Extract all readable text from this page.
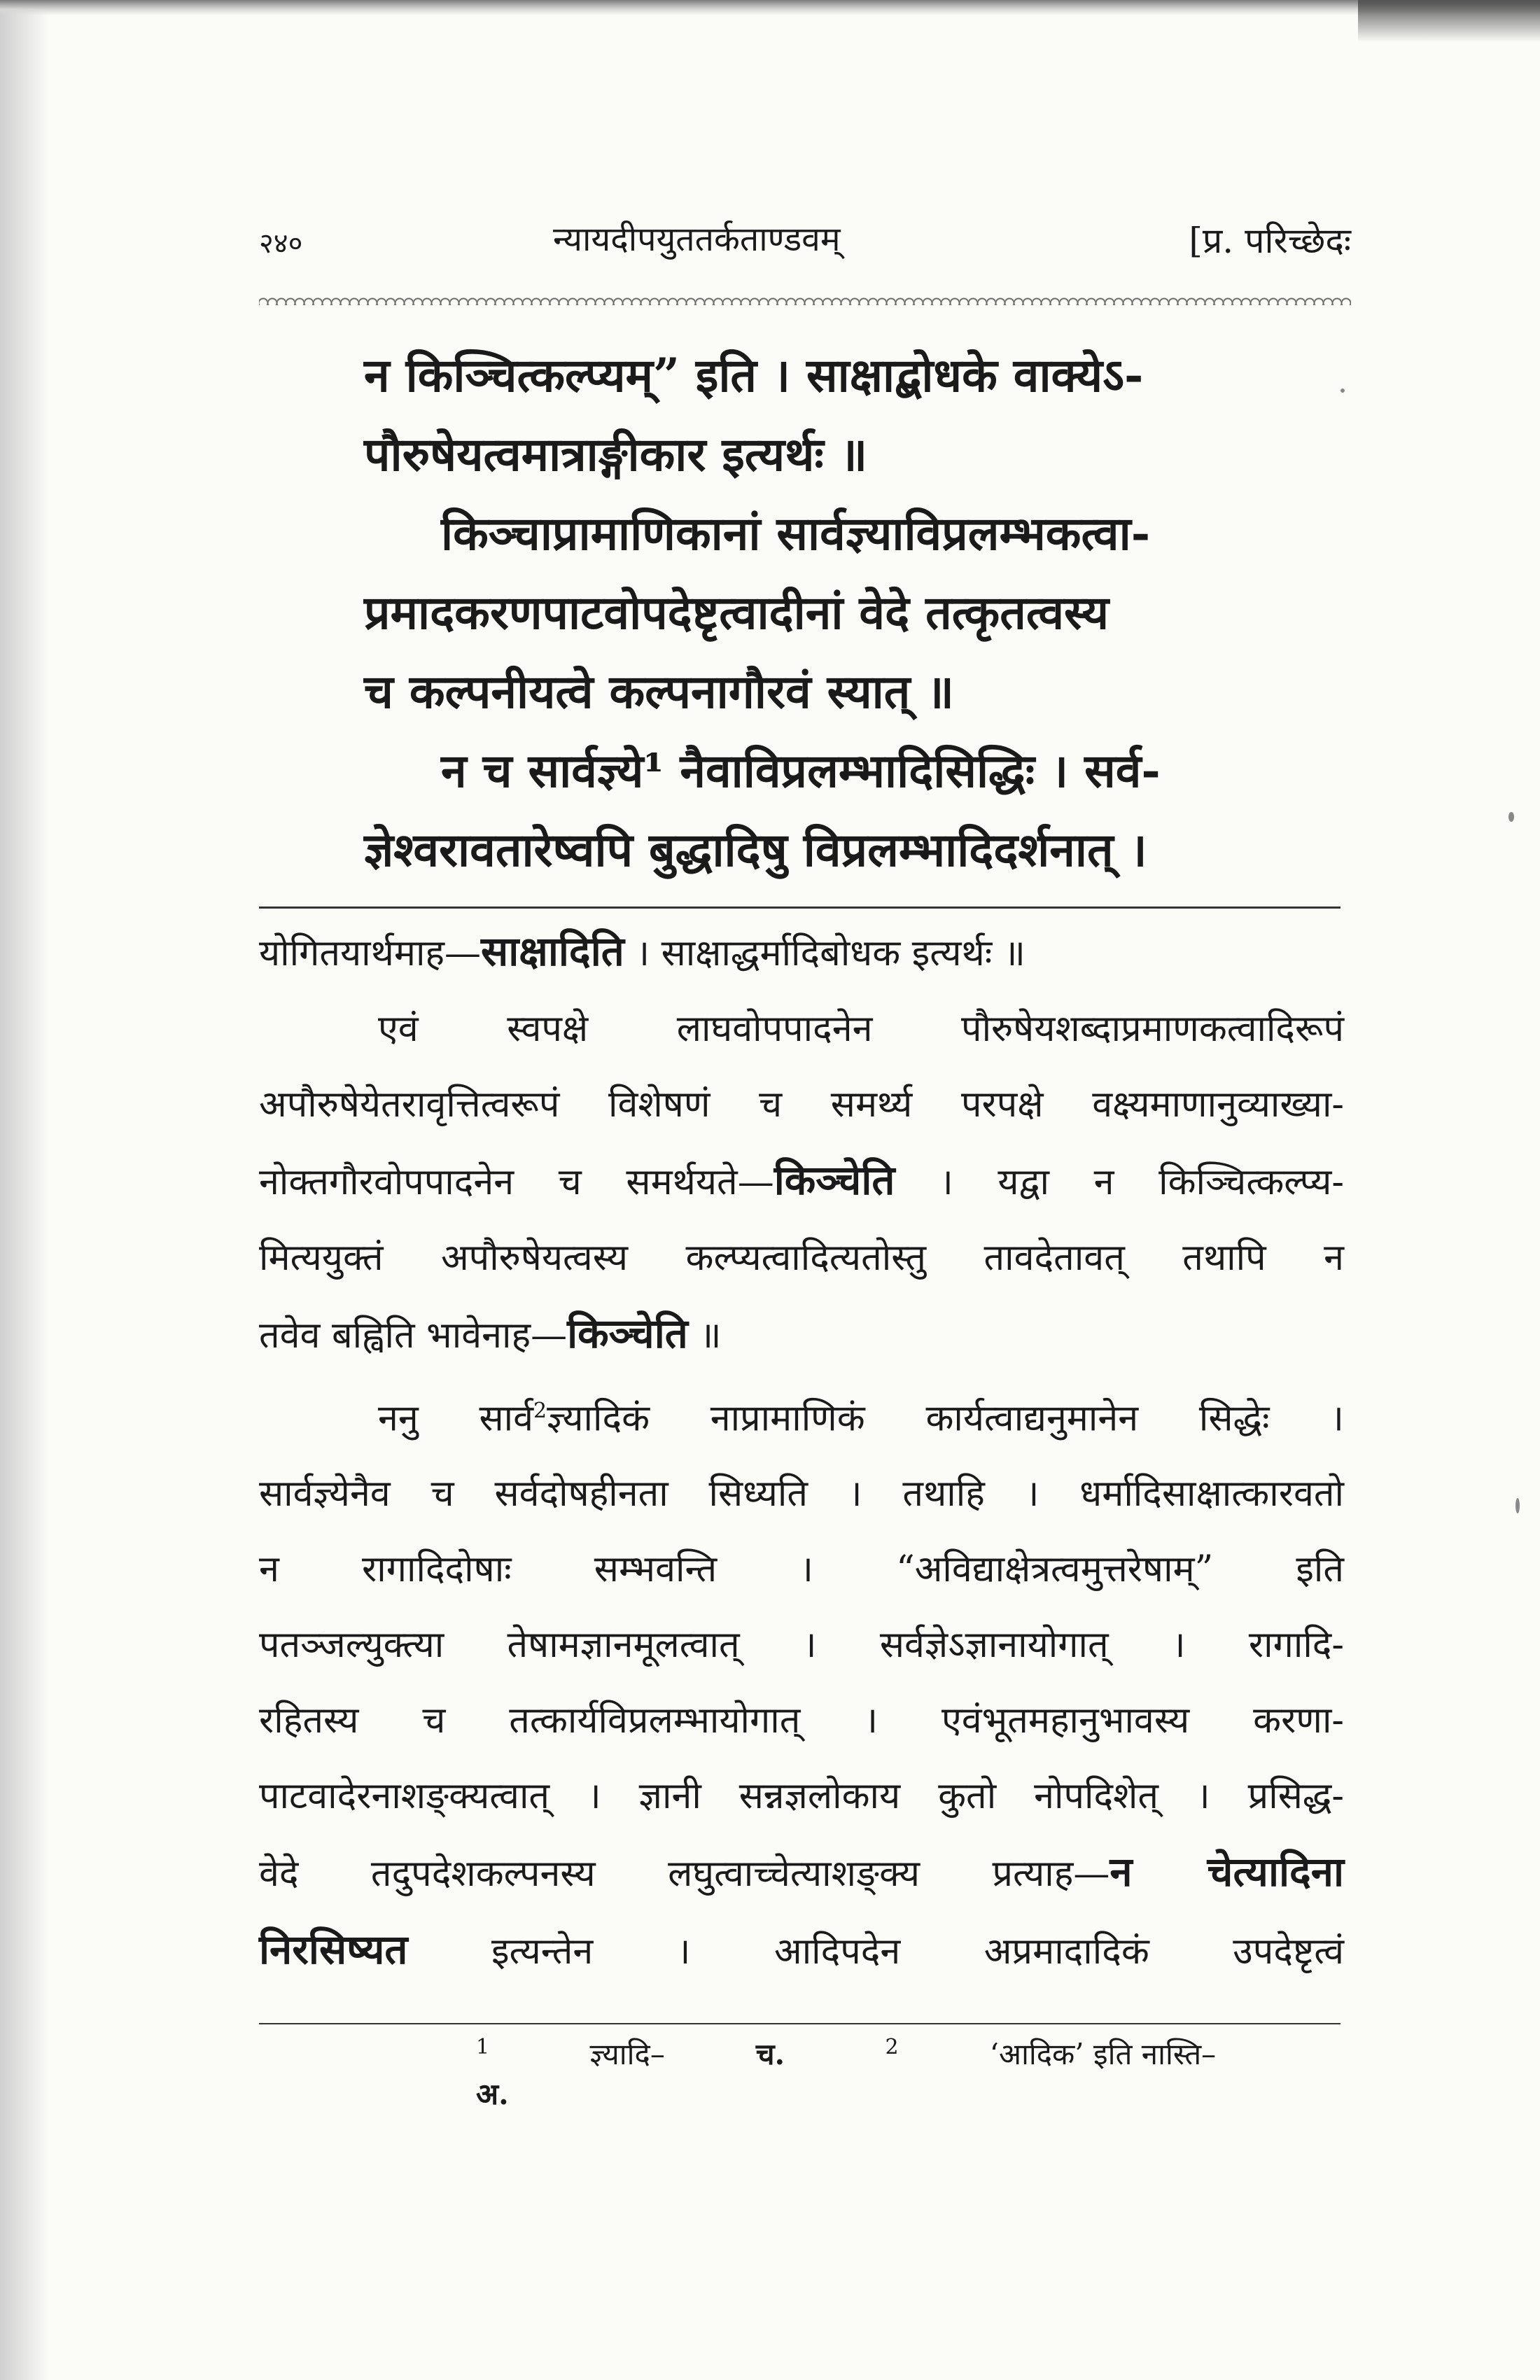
२४०	न्यायदीपयुततर्कताण्डवम्	[प्र. परिच्छेदः

न किञ्चित्कल्प्यम्” इति । साक्षाद्बोधके वाक्येऽ-

पौरुषेयत्वमात्राङ्गीकार इत्यर्थः ॥

किञ्चाप्रामाणिकानां सार्वज्ञ्याविप्रलम्भकत्वा-

प्रमादकरणपाटवोपदेष्टृत्वादीनां वेदे तत्कृतत्वस्य

च कल्पनीयत्वे कल्पनागौरवं स्यात् ॥

न च सार्वज्ञ्ये¹ नैवाविप्रलम्भादिसिद्धिः । सर्व-

ज्ञेश्वरावतारेष्वपि बुद्धादिषु विप्रलम्भादिदर्शनात् ।

योगितयार्थमाह—साक्षादिति । साक्षाद्धर्मादिबोधक इत्यर्थः ॥

एवं स्वपक्षे लाघवोपपादनेन पौरुषेयशब्दाप्रमाणकत्वादिरूपं

अपौरुषेयेतरावृत्तित्वरूपं विशेषणं च समर्थ्य परपक्षे वक्ष्यमाणानुव्याख्या-

नोक्तगौरवोपपादनेन च समर्थयते—किञ्चेति । यद्वा न किञ्चित्कल्प्य-

मित्ययुक्तं अपौरुषेयत्वस्य कल्प्यत्वादित्यतोस्तु तावदेतावत् तथापि न

तवेव बह्विति भावेनाह—किञ्चेति ॥

ननु सार्व$^2$ज्ञ्यादिकं नाप्रामाणिकं कार्यत्वाद्यनुमानेन सिद्धेः ।

सार्वज्ञ्येनैव च सर्वदोषहीनता सिध्यति । तथाहि । धर्मादिसाक्षात्कारवतो

न रागादिदोषाः सम्भवन्ति । “अविद्याक्षेत्रत्वमुत्तरेषाम्” इति

पतञ्जल्युक्त्या तेषामज्ञानमूलत्वात् । सर्वज्ञेऽज्ञानायोगात् । रागादि-

रहितस्य च तत्कार्यविप्रलम्भायोगात् । एवंभूतमहानुभावस्य करणा-

पाटवादेरनाशङ्क्यत्वात् । ज्ञानी सन्नज्ञलोकाय कुतो नोपदिशेत् । प्रसिद्ध-

वेदे तदुपदेशकल्पनस्य लघुत्वाच्चेत्याशङ्क्य प्रत्याह—न चेत्यादिना

निरसिष्यत इत्यन्तेन । आदिपदेन अप्रमादादिकं उपदेष्टृत्वं

$^1$	ज्ञ्यादि–	च.	$^2$	‘आदिक’ इति नास्ति–अ.
